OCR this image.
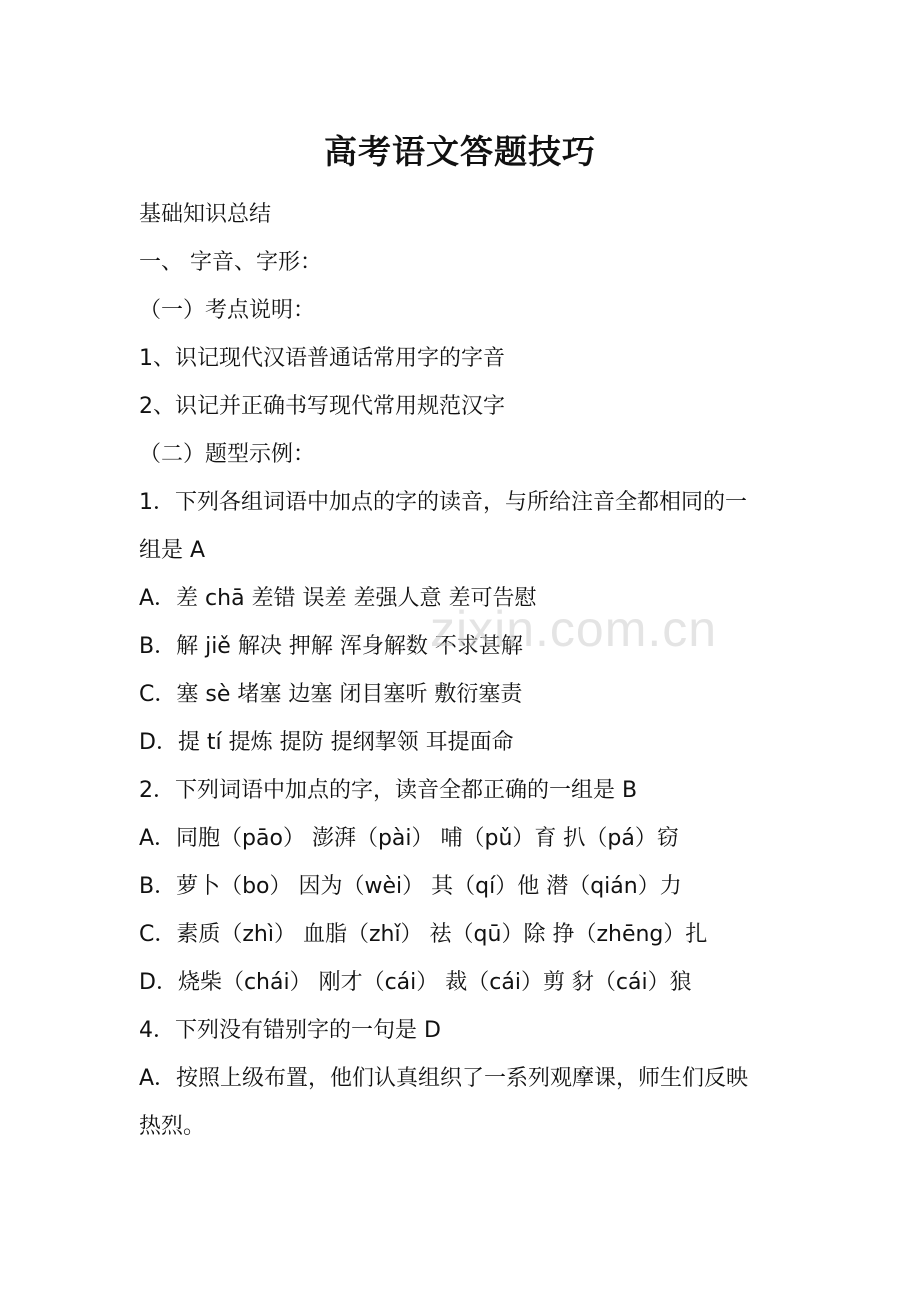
高考语文答题技巧
基础知识总结
一、 字音、字形：
（一）考点说明：
1、识记现代汉语普通话常用字的字音
2、识记并正确书写现代常用规范汉字
（二）题型示例：
1．下列各组词语中加点的字的读音，与所给注音全都相同的一
组是 A
A．差 chā 差错 误差 差强人意 差可告慰
B．解 jiě 解决 押解 浑身解数 不求甚解
C．塞 sè 堵塞 边塞 闭目塞听 敷衍塞责
D．提 tí 提炼 提防 提纲挈领 耳提面命
2．下列词语中加点的字，读音全都正确的一组是 B
A．同胞（pāo） 澎湃（pài） 哺（pǔ）育 扒（pá）窃
B．萝卜（bo） 因为（wèi） 其（qí）他 潜（qián）力
C．素质（zhì） 血脂（zhǐ） 祛（qū）除 挣（zhēng）扎
D．烧柴（chái） 刚才（cái） 裁（cái）剪 豺（cái）狼
4．下列没有错别字的一句是 D
A．按照上级布置，他们认真组织了一系列观摩课，师生们反映
热烈。
zixin.com.cn
